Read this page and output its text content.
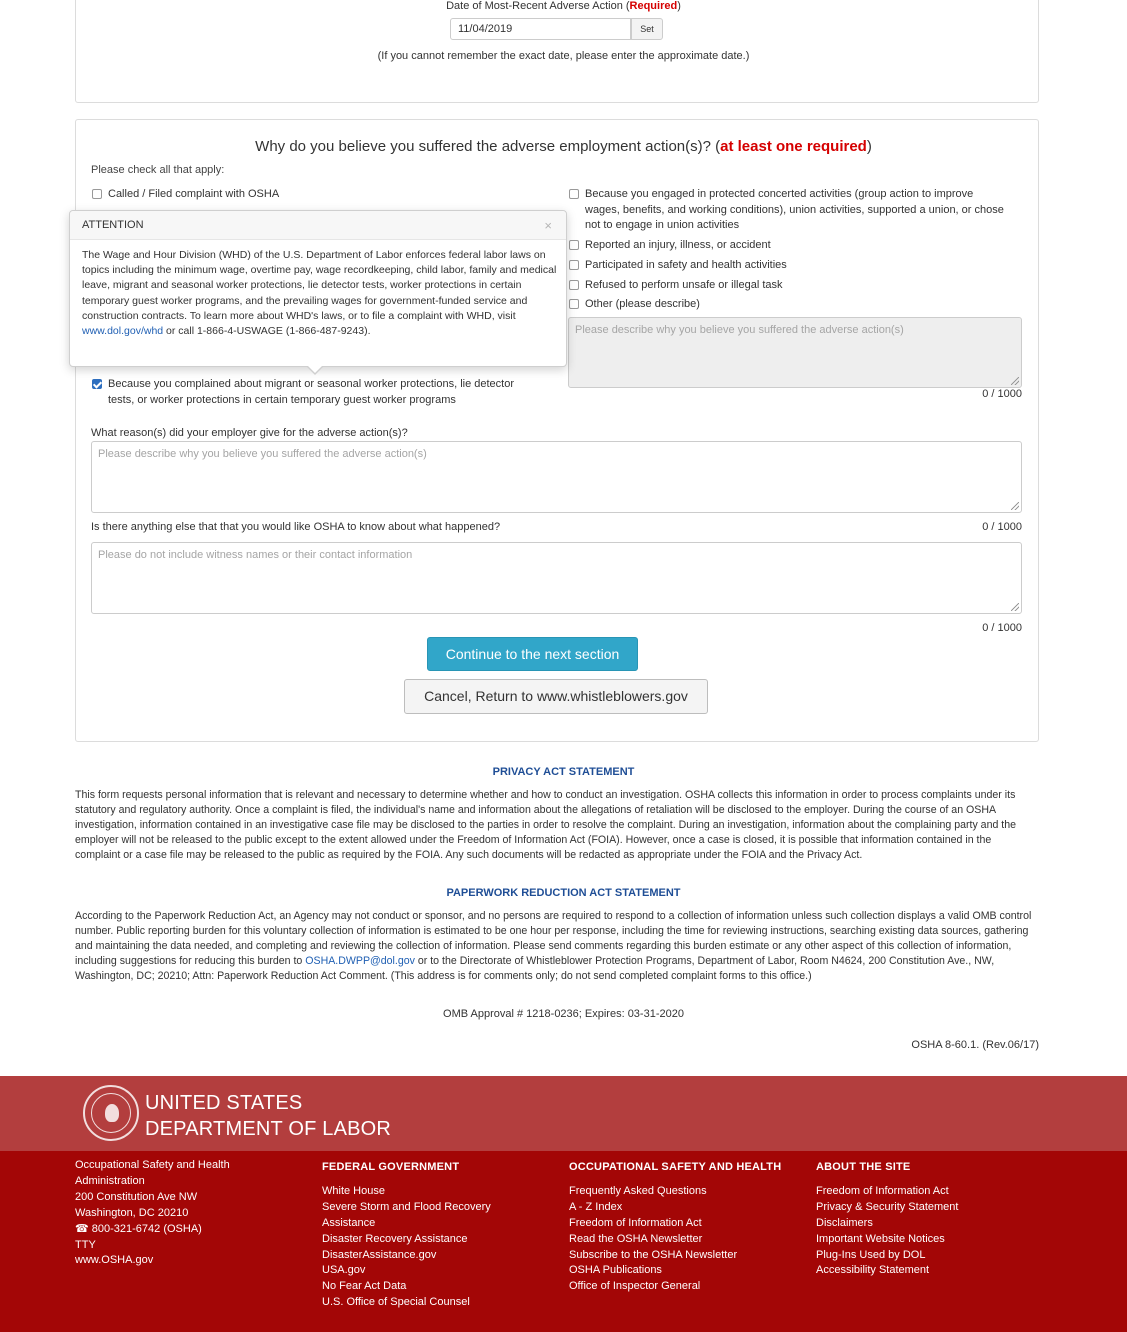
Date of Most-Recent Adverse Action (Required)
11/04/2019	Set
(If you cannot remember the exact date, please enter the approximate date.)
Why do you believe you suffered the adverse employment action(s)? (at least one required)
Please check all that apply:
Called / Filed complaint with OSHA
Because you complained about migrant or seasonal worker protections, lie detector tests, or worker protections in certain temporary guest worker programs
Because you engaged in protected concerted activities (group action to improve wages, benefits, and working conditions), union activities, supported a union, or chose not to engage in union activities
Reported an injury, illness, or accident
Participated in safety and health activities
Refused to perform unsafe or illegal task
Other (please describe)
Please describe why you believe you suffered the adverse action(s)
0 / 1000
What reason(s) did your employer give for the adverse action(s)?
Please describe why you believe you suffered the adverse action(s)
0 / 1000
Is there anything else that that you would like OSHA to know about what happened?
Please do not include witness names or their contact information
0 / 1000
Continue to the next section
Cancel, Return to www.whistleblowers.gov
ATTENTION	×
The Wage and Hour Division (WHD) of the U.S. Department of Labor enforces federal labor laws on topics including the minimum wage, overtime pay, wage recordkeeping, child labor, family and medical leave, migrant and seasonal worker protections, lie detector tests, worker protections in certain temporary guest worker programs, and the prevailing wages for government-funded service and construction contracts. To learn more about WHD's laws, or to file a complaint with WHD, visit www.dol.gov/whd or call 1-866-4-USWAGE (1-866-487-9243).
PRIVACY ACT STATEMENT
This form requests personal information that is relevant and necessary to determine whether and how to conduct an investigation. OSHA collects this information in order to process complaints under its statutory and regulatory authority. Once a complaint is filed, the individual's name and information about the allegations of retaliation will be disclosed to the employer. During the course of an OSHA investigation, information contained in an investigative case file may be disclosed to the parties in order to resolve the complaint. During an investigation, information about the complaining party and the employer will not be released to the public except to the extent allowed under the Freedom of Information Act (FOIA). However, once a case is closed, it is possible that information contained in the complaint or a case file may be released to the public as required by the FOIA. Any such documents will be redacted as appropriate under the FOIA and the Privacy Act.
PAPERWORK REDUCTION ACT STATEMENT
According to the Paperwork Reduction Act, an Agency may not conduct or sponsor, and no persons are required to respond to a collection of information unless such collection displays a valid OMB control number. Public reporting burden for this voluntary collection of information is estimated to be one hour per response, including the time for reviewing instructions, searching existing data sources, gathering and maintaining the data needed, and completing and reviewing the collection of information. Please send comments regarding this burden estimate or any other aspect of this collection of information, including suggestions for reducing this burden to OSHA.DWPP@dol.gov or to the Directorate of Whistleblower Protection Programs, Department of Labor, Room N4624, 200 Constitution Ave., NW, Washington, DC; 20210; Attn: Paperwork Reduction Act Comment. (This address is for comments only; do not send completed complaint forms to this office.)
OMB Approval # 1218-0236; Expires: 03-31-2020
OSHA 8-60.1. (Rev.06/17)
UNITED STATES
DEPARTMENT OF LABOR
Occupational Safety and Health
Administration
200 Constitution Ave NW
Washington, DC 20210
☎ 800-321-6742 (OSHA)
TTY
www.OSHA.gov
FEDERAL GOVERNMENT
White House
Severe Storm and Flood Recovery
Assistance
Disaster Recovery Assistance
DisasterAssistance.gov
USA.gov
No Fear Act Data
U.S. Office of Special Counsel
OCCUPATIONAL SAFETY AND HEALTH
Frequently Asked Questions
A - Z Index
Freedom of Information Act
Read the OSHA Newsletter
Subscribe to the OSHA Newsletter
OSHA Publications
Office of Inspector General
ABOUT THE SITE
Freedom of Information Act
Privacy & Security Statement
Disclaimers
Important Website Notices
Plug-Ins Used by DOL
Accessibility Statement
